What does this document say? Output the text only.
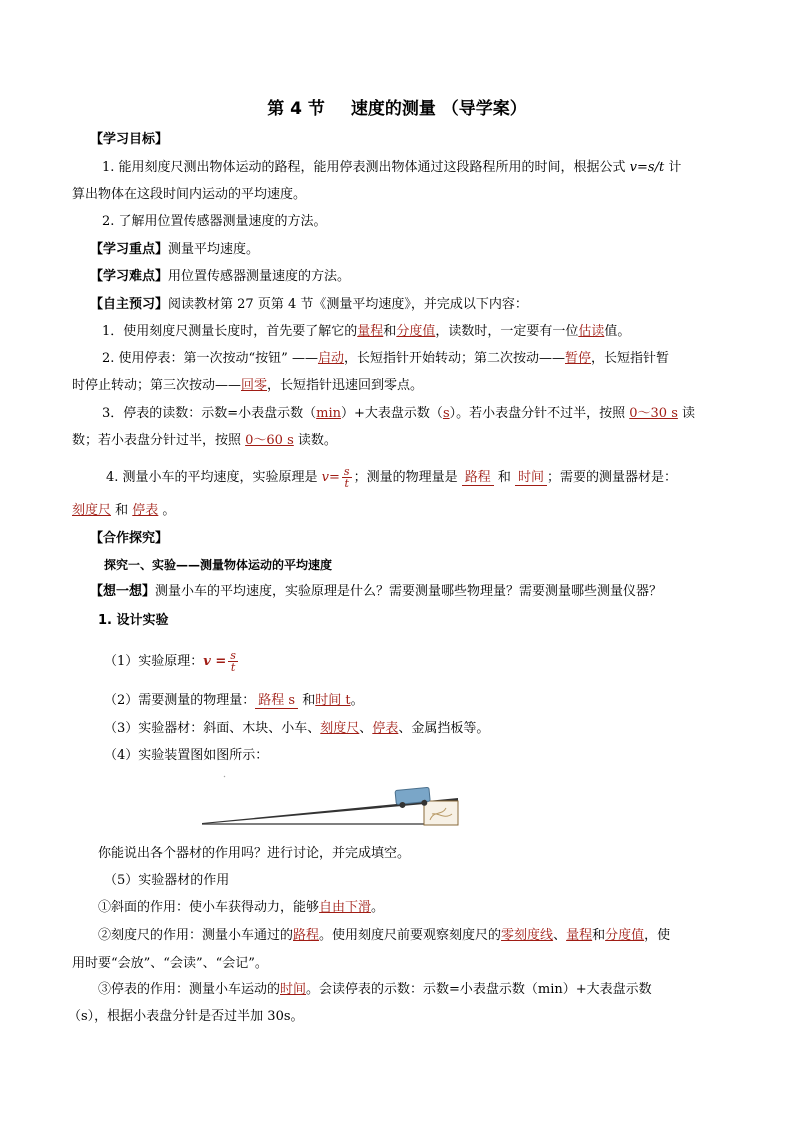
第 4 节 速度的测量 （导学案）
【学习目标】
1. 能用刻度尺测出物体运动的路程，能用停表测出物体通过这段路程所用的时间，根据公式 v=s/t 计
算出物体在这段时间内运动的平均速度。
2. 了解用位置传感器测量速度的方法。
【学习重点】测量平均速度。
【学习难点】用位置传感器测量速度的方法。
【自主预习】阅读教材第 27 页第 4 节《测量平均速度》，并完成以下内容：
1．使用刻度尺测量长度时，首先要了解它的量程和分度值，读数时，一定要有一位估读值。
2. 使用停表：第一次按动“按钮” ——启动，长短指针开始转动；第二次按动——暂停，长短指针暂
时停止转动；第三次按动——回零，长短指针迅速回到零点。
3．停表的读数：示数=小表盘示数（min）+大表盘示数（s）。若小表盘分针不过半，按照 0～30 s 读
数；若小表盘分针过半，按照 0～60 s 读数。
4. 测量小车的平均速度，实验原理是 $v= \frac{s}{t}$ ；测量的物理量是 路程 和 时间 ；需要的测量器材是：
刻度尺 和 停表 。
【合作探究】
探究一、实验——测量物体运动的平均速度
【想一想】测量小车的平均速度，实验原理是什么？需要测量哪些物理量？需要测量哪些测量仪器？
1. 设计实验
（1）实验原理：$v = \frac{s}{t}$
（2）需要测量的物理量： 路程 s 和时间 t。
（3）实验器材：斜面、木块、小车、刻度尺、停表、金属挡板等。
（4）实验装置图如图所示：
你能说出各个器材的作用吗？进行讨论，并完成填空。
（5）实验器材的作用
①斜面的作用：使小车获得动力，能够自由下滑。
②刻度尺的作用：测量小车通过的路程。使用刻度尺前要观察刻度尺的零刻度线、量程和分度值，使
用时要“会放”、“会读”、“会记”。
③停表的作用：测量小车运动的时间。会读停表的示数：示数=小表盘示数（min）+大表盘示数
（s），根据小表盘分针是否过半加 30s。
